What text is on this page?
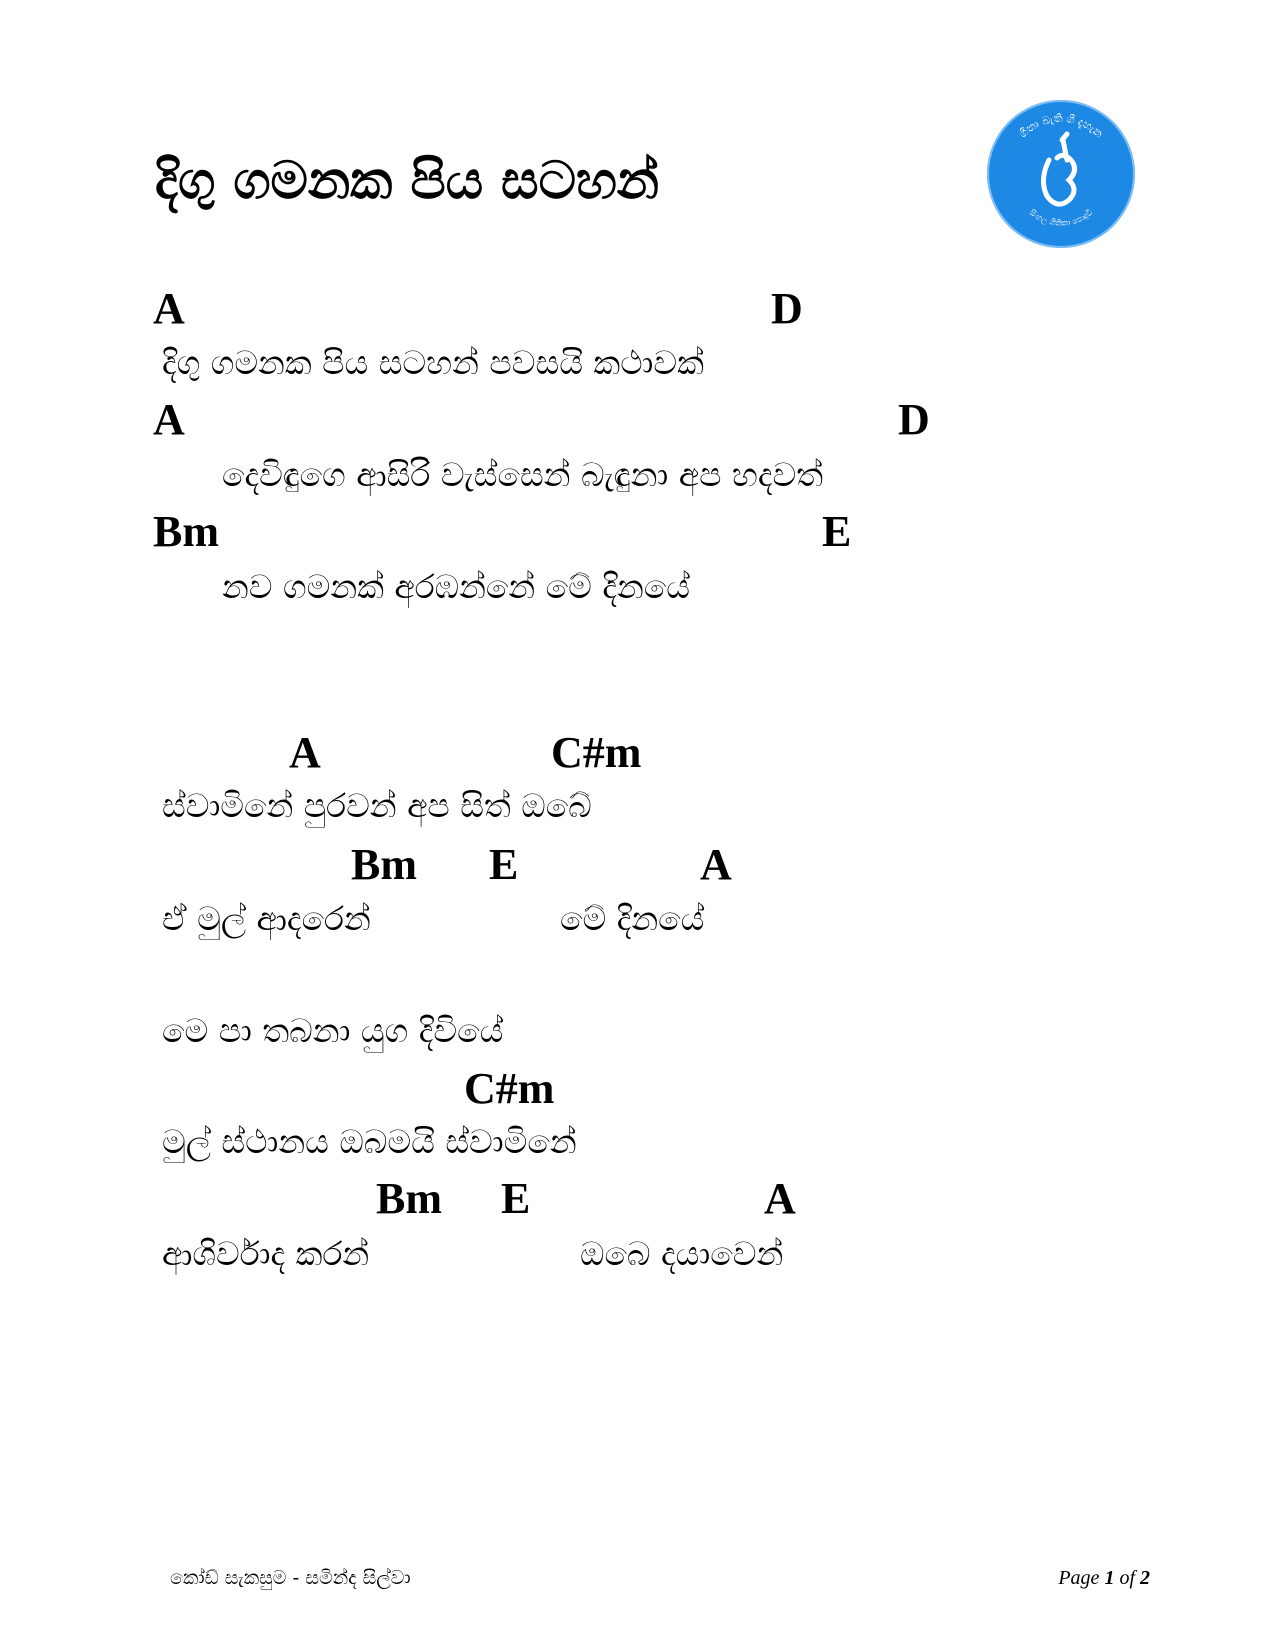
දිගු ගමනක පිය සටහන්
ගීතා බැති ගී දැහැන
සිංහල ගීතිකා පොදුවී
A	D
දිගු ගමනක පිය සටහන් පවසයි කථාවක්
A	D
දෙවිඳුගෙ ආසිරි වැස්සෙන් බැඳුනා අප හදවත්
Bm	E
නව ගමනක් අරඹන්නේ මේ දිනයේ
A	C#m
ස්වාමිනේ පුරවන් අප සිත් ඔබේ
Bm E	A
ඒ මුල් ආදරෙන්	මේ දිනයේ
මෙ පා තබනා යුග දිවියේ
C#m
මුල් ස්ථානය ඔබමයි ස්වාමිනේ
Bm E	A
ආශිර්වාද කරන්	ඔබෙ දයාවෙන්
කෝඩ් සැකසුම - සමින්ද සිල්වා	Page 1 of 2
